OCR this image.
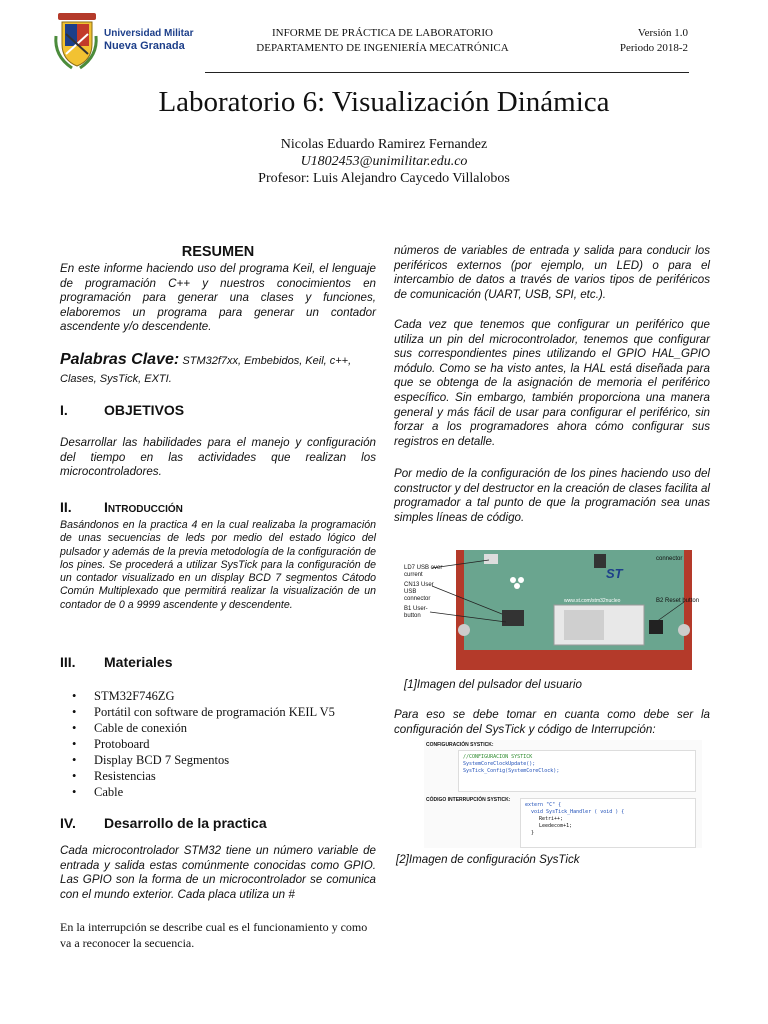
Universidad Militar
Nueva Granada
INFORME DE PRÁCTICA DE LABORATORIO
DEPARTAMENTO DE INGENIERÍA MECATRÓNICA
Versión 1.0
Periodo 2018-2
Laboratorio 6: Visualización Dinámica
Nicolas Eduardo Ramirez Fernandez
U1802453@unimilitar.edu.co
Profesor: Luis Alejandro Caycedo Villalobos
RESUMEN
En este informe haciendo uso del programa Keil, el lenguaje de programación C++ y nuestros conocimientos en programación para generar una clases y funciones, elaboremos un programa para generar un contador ascendente y/o descendente.
Palabras Clave: STM32f7xx, Embebidos, Keil, c++, Clases, SysTick, EXTI.
I.	OBJETIVOS
Desarrollar las habilidades para el manejo y configuración del tiempo en las actividades que realizan los microcontroladores.
II. Introducción
Basándonos en la practica 4 en la cual realizaba la programación de unas secuencias de leds por medio del estado lógico del pulsador y además de la previa metodología de la configuración de los pines. Se procederá a utilizar SysTick para la configuración de un contador visualizado en un display BCD 7 segmentos Cátodo Común Multiplexado que permitirá realizar la visualización de un contador de 0 a 9999 ascendente y descendente.
III. Materiales
• STM32F746ZG
• Portátil con software de programación KEIL V5
• Cable de conexión
• Protoboard
• Display BCD 7 Segmentos
• Resistencias
• Cable
IV. Desarrollo de la practica
Cada microcontrolador STM32 tiene un número variable de entrada y salida estas comúnmente conocidas como GPIO. Las GPIO son la forma de un microcontrolador se comunica con el mundo exterior. Cada placa utiliza un #
En la interrupción se describe cual es el funcionamiento y como va a reconocer la secuencia.
números de variables de entrada y salida para conducir los periféricos externos (por ejemplo, un LED) o para el intercambio de datos a través de varios tipos de periféricos de comunicación (UART, USB, SPI, etc.).
Cada vez que tenemos que configurar un periférico que utiliza un pin del microcontrolador, tenemos que configurar sus correspondientes pines utilizando el GPIO HAL_GPIO módulo. Como se ha visto antes, la HAL está diseñada para que se obtenga de la asignación de memoria el periférico específico. Sin embargo, también proporciona una manera general y más fácil de usar para configurar el periférico, sin forzar a los programadores ahora cómo configurar sus registros en detalle.
Por medio de la configuración de los pines haciendo uso del constructor y del destructor en la creación de clases facilita al programador a tal punto de que la programación sea unas simples líneas de código.
LD7 USB over current
CN13 User USB connector
B1 User-button
connector
B2 Reset button
ST
www.st.com/stm32nucleo
[1]Imagen del pulsador del usuario
Para eso se debe tomar en cuanta como debe ser la configuración del SysTick y código de Interrupción:
CONFIGURACIÓN SYSTICK:
//CONFIGURACION SYSTICK
SystemCoreClockUpdate();
SysTick_Config(SystemCoreClock);
CÓDIGO INTERRUPCIÓN SYSTICK:
extern "C" {
void SysTick_Handler ( void ) {
Retri++;
Leedecom+1;
}
[2]Imagen de configuración SysTick
